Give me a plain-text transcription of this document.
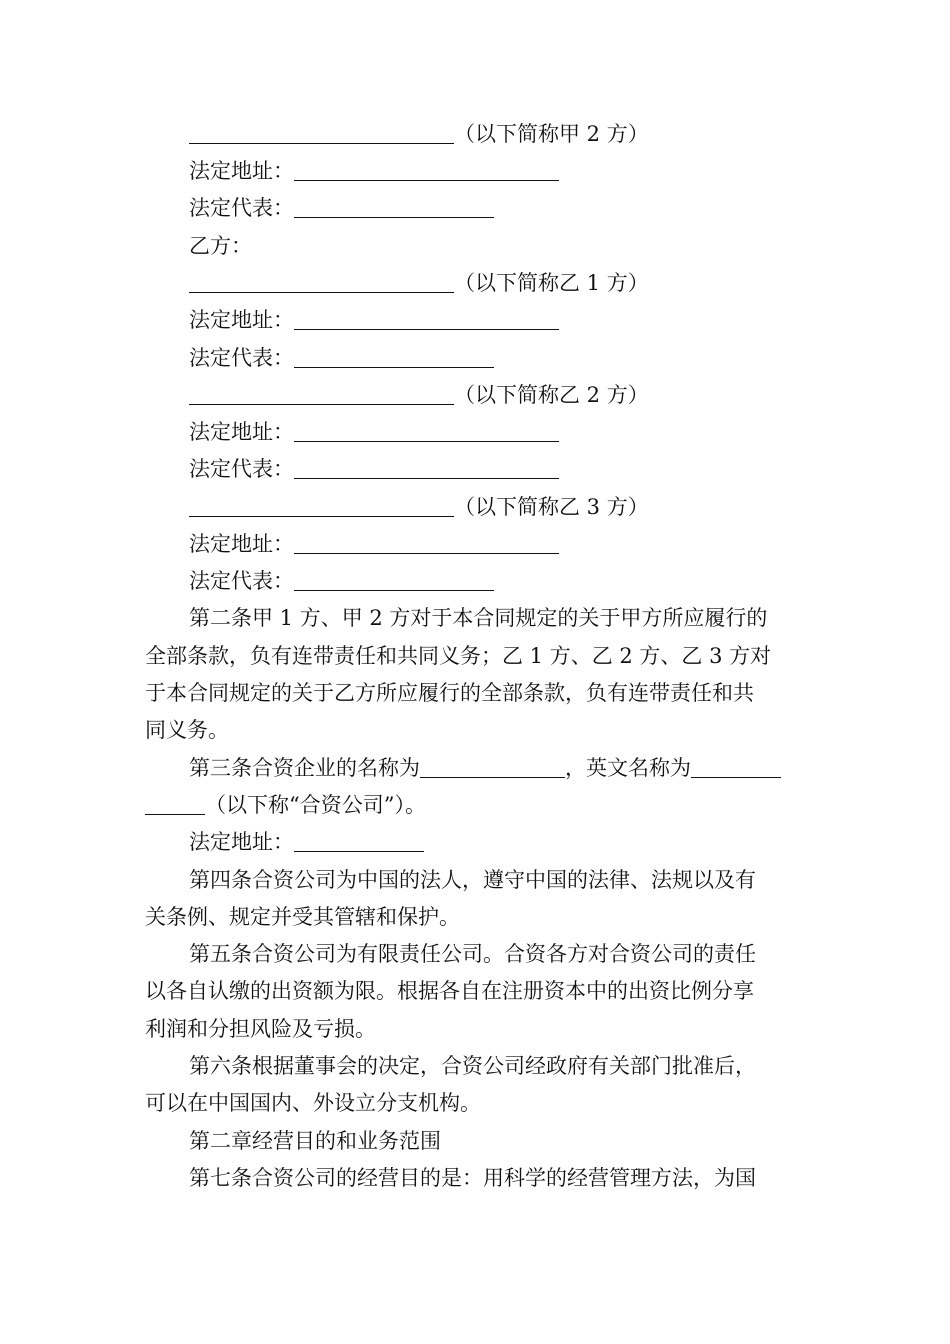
（以下简称甲 2 方）
法定地址：
法定代表：
乙方：
（以下简称乙 1 方）
法定地址：
法定代表：
（以下简称乙 2 方）
法定地址：
法定代表：
（以下简称乙 3 方）
法定地址：
法定代表：
第二条甲 1 方、甲 2 方对于本合同规定的关于甲方所应履行的
全部条款，负有连带责任和共同义务；乙 1 方、乙 2 方、乙 3 方对
于本合同规定的关于乙方所应履行的全部条款，负有连带责任和共
同义务。
第三条合资企业的名称为	，英文名称为
（以下称“合资公司”）。
法定地址：
第四条合资公司为中国的法人，遵守中国的法律、法规以及有
关条例、规定并受其管辖和保护。
第五条合资公司为有限责任公司。合资各方对合资公司的责任
以各自认缴的出资额为限。根据各自在注册资本中的出资比例分享
利润和分担风险及亏损。
第六条根据董事会的决定，合资公司经政府有关部门批准后，
可以在中国国内、外设立分支机构。
第二章经营目的和业务范围
第七条合资公司的经营目的是：用科学的经营管理方法，为国
